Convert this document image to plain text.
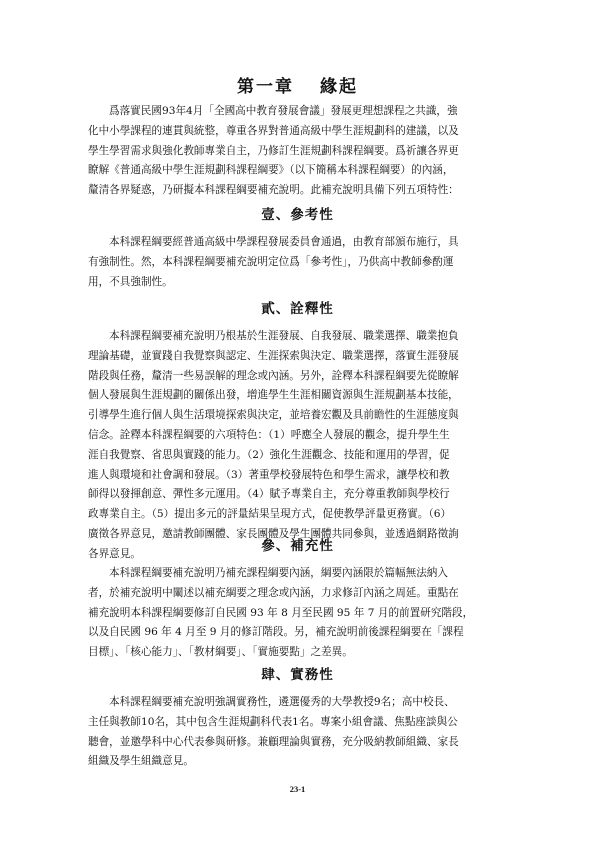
第一章 緣起
爲落實民國93年4月「全國高中教育發展會議」發展更理想課程之共識，強
化中小學課程的連貫與統整，尊重各界對普通高級中學生涯規劃科的建議，以及
學生學習需求與強化教師專業自主，乃修訂生涯規劃科課程綱要。爲祈讓各界更
瞭解《普通高級中學生涯規劃科課程綱要》（以下簡稱本科課程綱要）的內涵，
釐清各界疑惑，乃研擬本科課程綱要補充說明。此補充說明具備下列五項特性：
壹、參考性
本科課程綱要經普通高級中學課程發展委員會通過，由教育部頒布施行，具
有強制性。然，本科課程綱要補充說明定位爲「參考性」，乃供高中教師參酌運
用，不具強制性。
貳、詮釋性
本科課程綱要補充說明乃根基於生涯發展、自我發展、職業選擇、職業抱負
理論基礎，並實踐自我覺察與認定、生涯探索與決定、職業選擇，落實生涯發展
階段與任務，釐清一些易誤解的理念或內涵。另外，詮釋本科課程綱要先從瞭解
個人發展與生涯規劃的關係出發，增進學生生涯相關資源與生涯規劃基本技能，
引導學生進行個人與生活環境探索與決定，並培養宏觀及具前瞻性的生涯態度與
信念。詮釋本科課程綱要的六項特色：（1）呼應全人發展的觀念，提升學生生
涯自我覺察、省思與實踐的能力。（2）強化生涯觀念、技能和運用的學習，促
進人與環境和社會調和發展。（3）著重學校發展特色和學生需求，讓學校和教
師得以發揮創意、彈性多元運用。（4）賦予專業自主，充分尊重教師與學校行
政專業自主。（5）提出多元的評量結果呈現方式，促使教學評量更務實。（6）
廣徵各界意見，邀請教師團體、家長團體及學生團體共同參與，並透過網路徵詢
各界意見。	參、補充性
本科課程綱要補充說明乃補充課程綱要內涵，綱要內涵限於篇幅無法納入
者，於補充說明中闡述以補充綱要之理念或內涵，力求修訂內涵之周延。重點在
補充說明本科課程綱要修訂自民國 93 年 8 月至民國 95 年 7 月的前置研究階段，
以及自民國 96 年 4 月至 9 月的修訂階段。另，補充說明前後課程綱要在「課程
目標」、「核心能力」、「教材綱要」、「實施要點」之差異。
肆、實務性
本科課程綱要補充說明強調實務性，遴選優秀的大學教授9名；高中校長、
主任與教師10名，其中包含生涯規劃科代表1名。專案小組會議、焦點座談與公
聽會，並邀學科中心代表參與研修。兼顧理論與實務，充分吸納教師組織、家長
組織及學生組織意見。
23-1
